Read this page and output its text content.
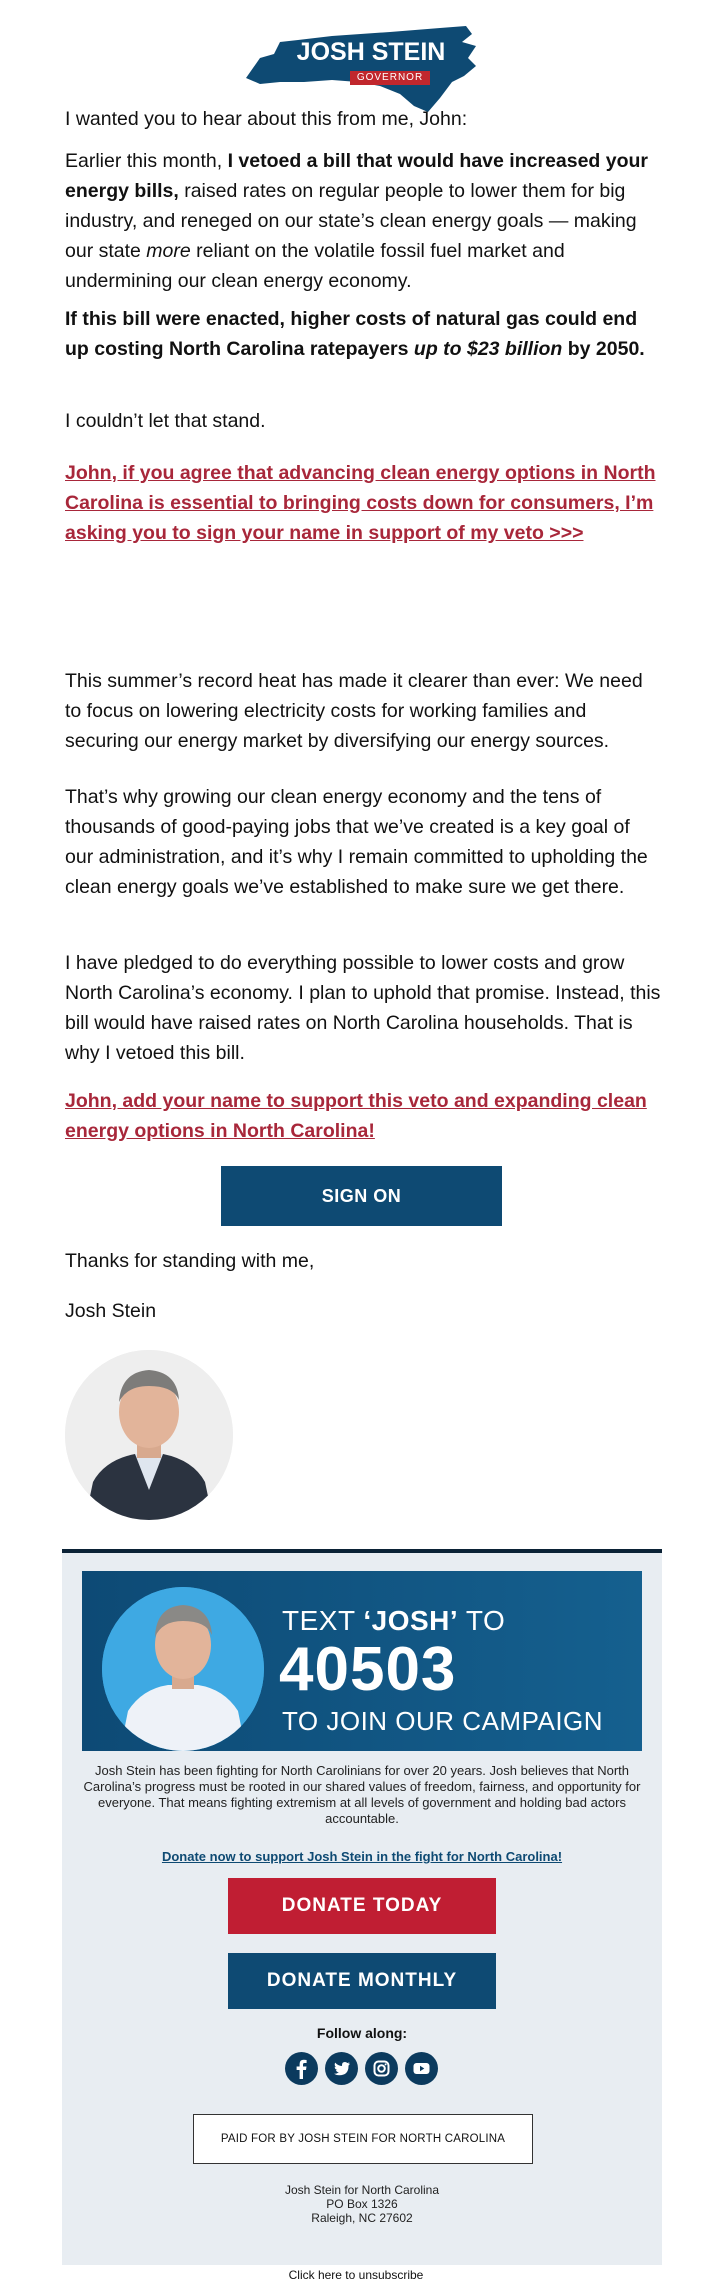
JOSH STEIN
GOVERNOR

I wanted you to hear about this from me, John:

Earlier this month, I vetoed a bill that would have increased your energy bills, raised rates on regular people to lower them for big industry, and reneged on our state’s clean energy goals — making our state more reliant on the volatile fossil fuel market and undermining our clean energy economy.

If this bill were enacted, higher costs of natural gas could end up costing North Carolina ratepayers up to $23 billion by 2050.

I couldn’t let that stand.

John, if you agree that advancing clean energy options in North Carolina is essential to bringing costs down for consumers, I’m asking you to sign your name in support of my veto >>>

This summer’s record heat has made it clearer than ever: We need to focus on lowering electricity costs for working families and securing our energy market by diversifying our energy sources.

That’s why growing our clean energy economy and the tens of thousands of good-paying jobs that we’ve created is a key goal of our administration, and it’s why I remain committed to upholding the clean energy goals we’ve established to make sure we get there.

I have pledged to do everything possible to lower costs and grow North Carolina’s economy. I plan to uphold that promise. Instead, this bill would have raised rates on North Carolina households. That is why I vetoed this bill.

John, add your name to support this veto and expanding clean energy options in North Carolina!

Thanks for standing with me,

Josh Stein

SIGN ON
TEXT ‘JOSH’ TO
40503
TO JOIN OUR CAMPAIGN
Josh Stein has been fighting for North Carolinians for over 20 years. Josh believes that North Carolina’s progress must be rooted in our shared values of freedom, fairness, and opportunity for everyone. That means fighting extremism at all levels of government and holding bad actors accountable.
Donate now to support Josh Stein in the fight for North Carolina!
DONATE TODAY
DONATE MONTHLY
Follow along:
PAID FOR BY JOSH STEIN FOR NORTH CAROLINA
Josh Stein for North Carolina
PO Box 1326
Raleigh, NC 27602
Click here to unsubscribe
